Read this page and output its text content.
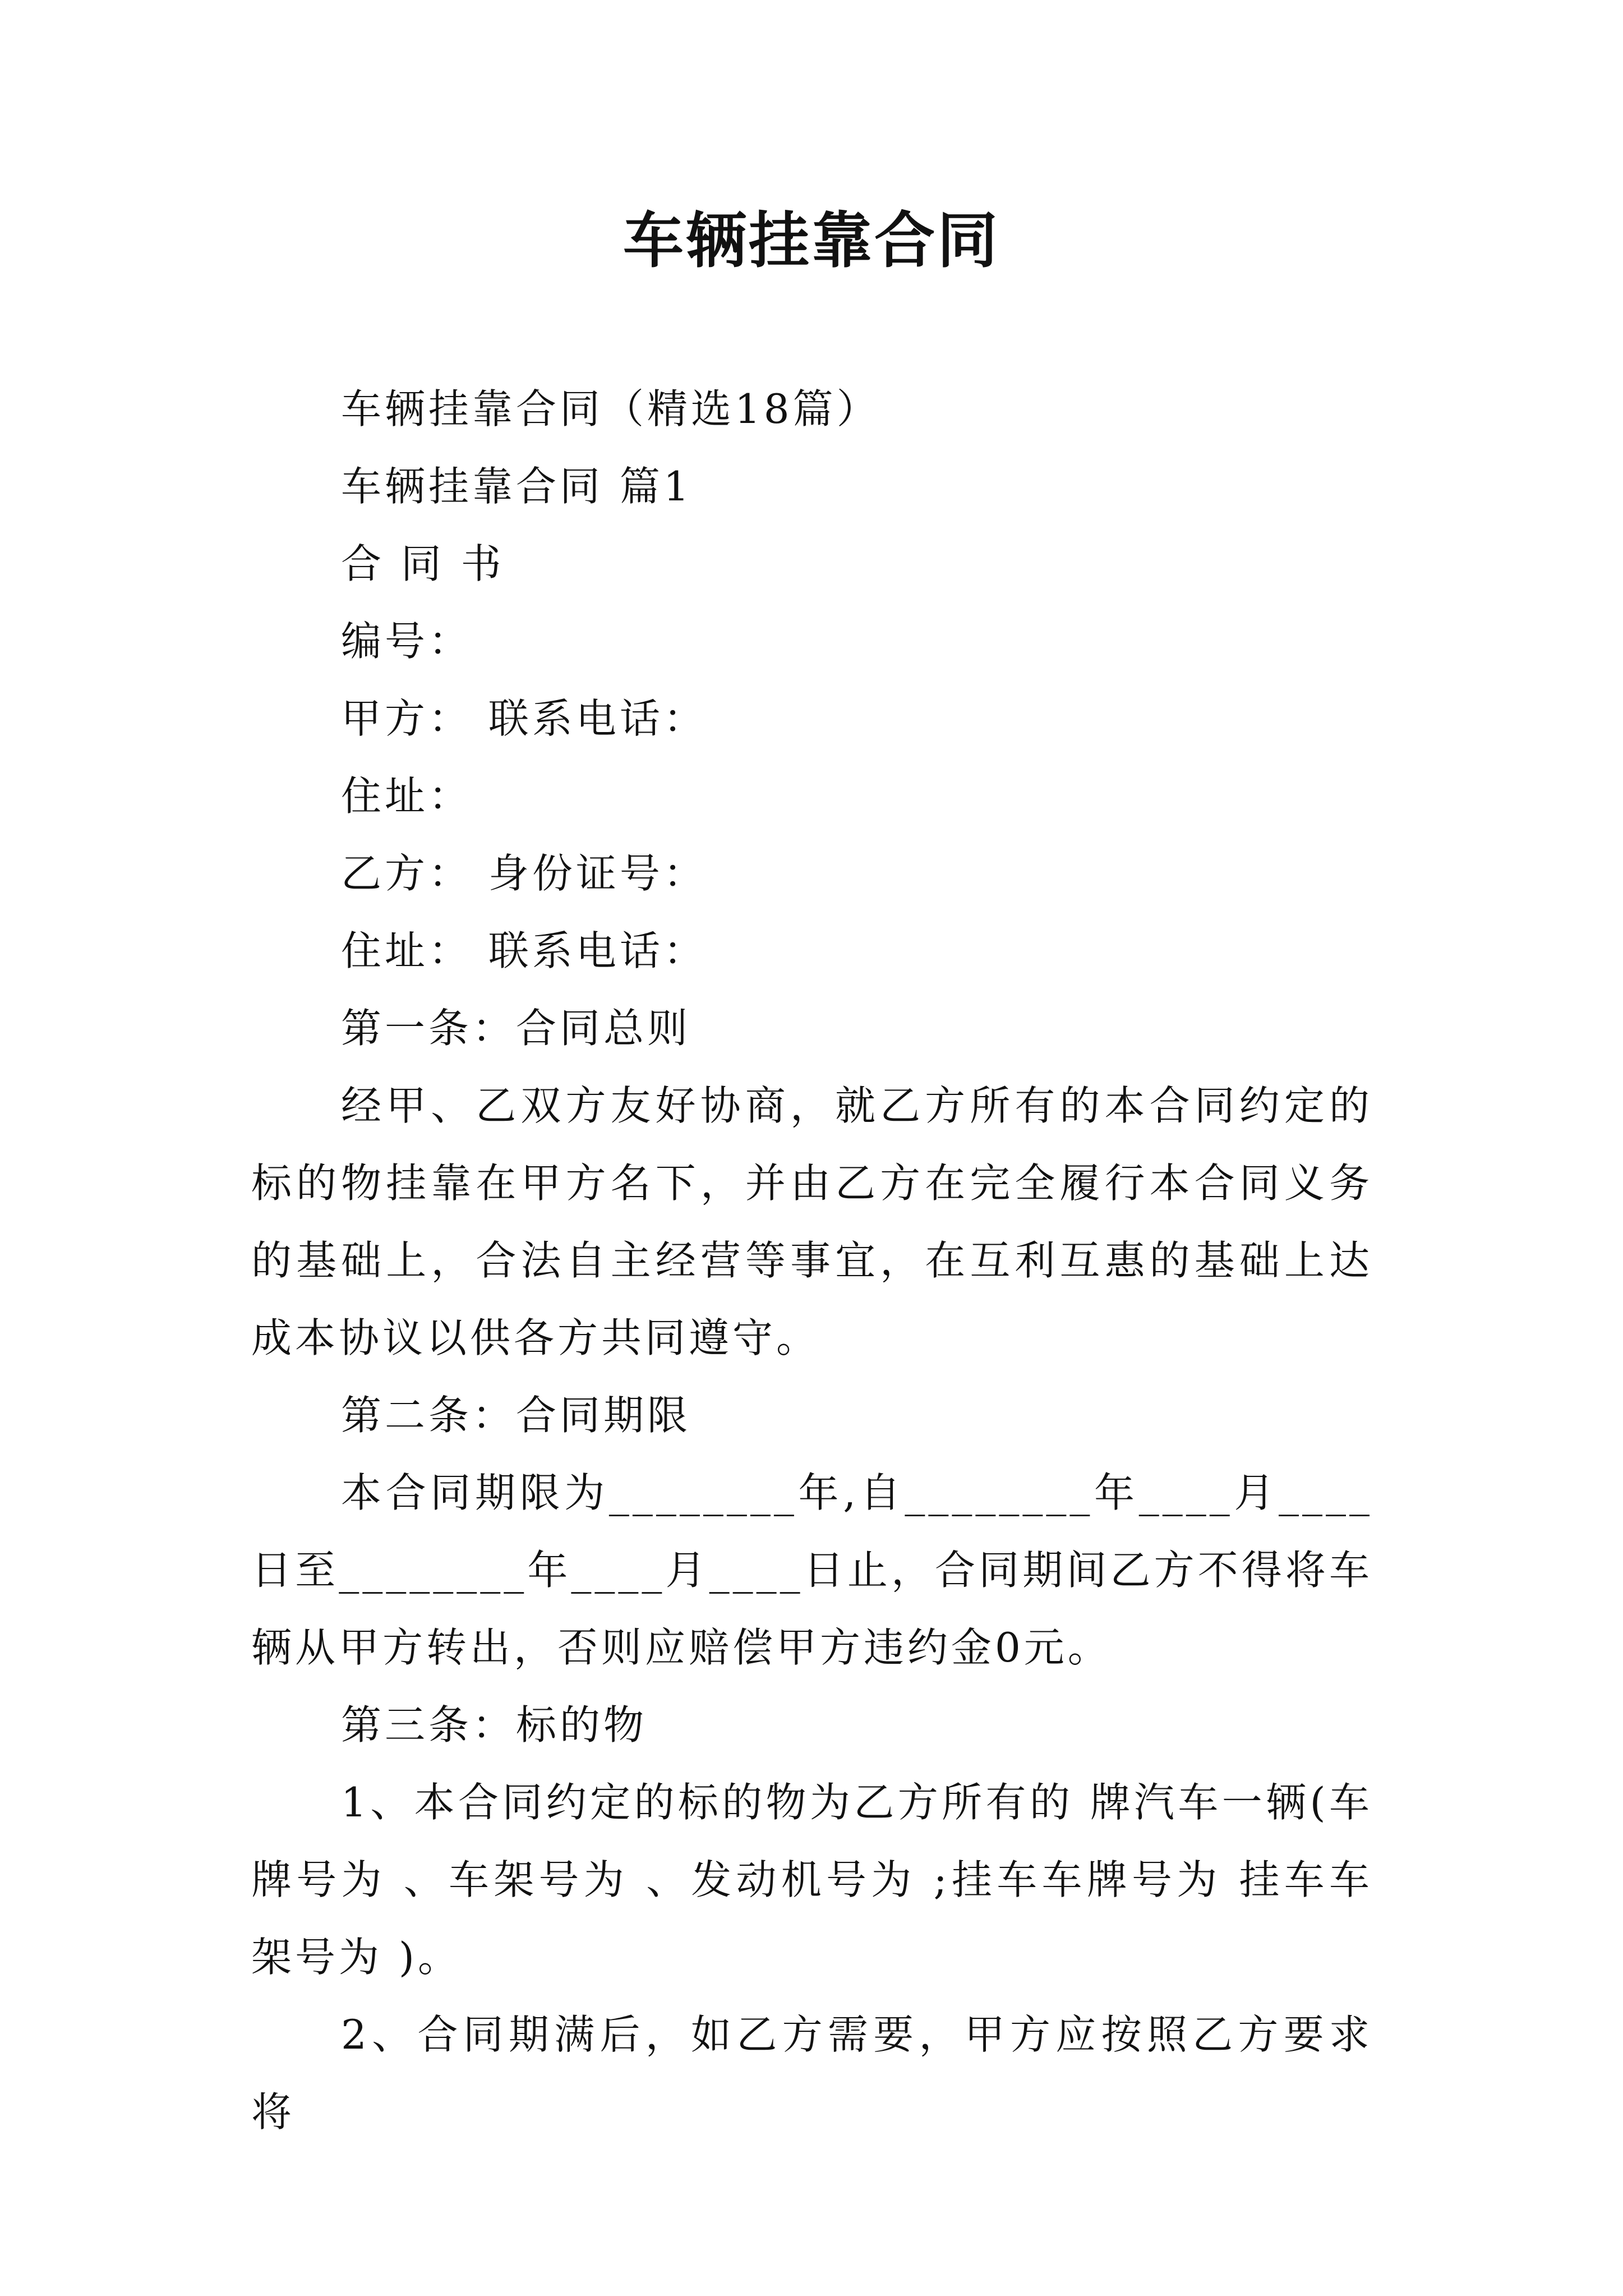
车辆挂靠合同
车辆挂靠合同（精选18篇）
车辆挂靠合同 篇1
合 同 书
编号：
甲方： 联系电话：
住址：
乙方： 身份证号：
住址： 联系电话：
第一条：合同总则
经甲、乙双方友好协商，就乙方所有的本合同约定的标的物挂靠在甲方名下，并由乙方在完全履行本合同义务的基础上，合法自主经营等事宜，在互利互惠的基础上达成本协议以供各方共同遵守。
第二条：合同期限
本合同期限为________年,自________年____月____日至________年____月____日止，合同期间乙方不得将车辆从甲方转出，否则应赔偿甲方违约金0元。
第三条：标的物
1、本合同约定的标的物为乙方所有的 牌汽车一辆(车牌号为 、车架号为 、发动机号为 ;挂车车牌号为 挂车车架号为 )。
2、合同期满后，如乙方需要，甲方应按照乙方要求将
